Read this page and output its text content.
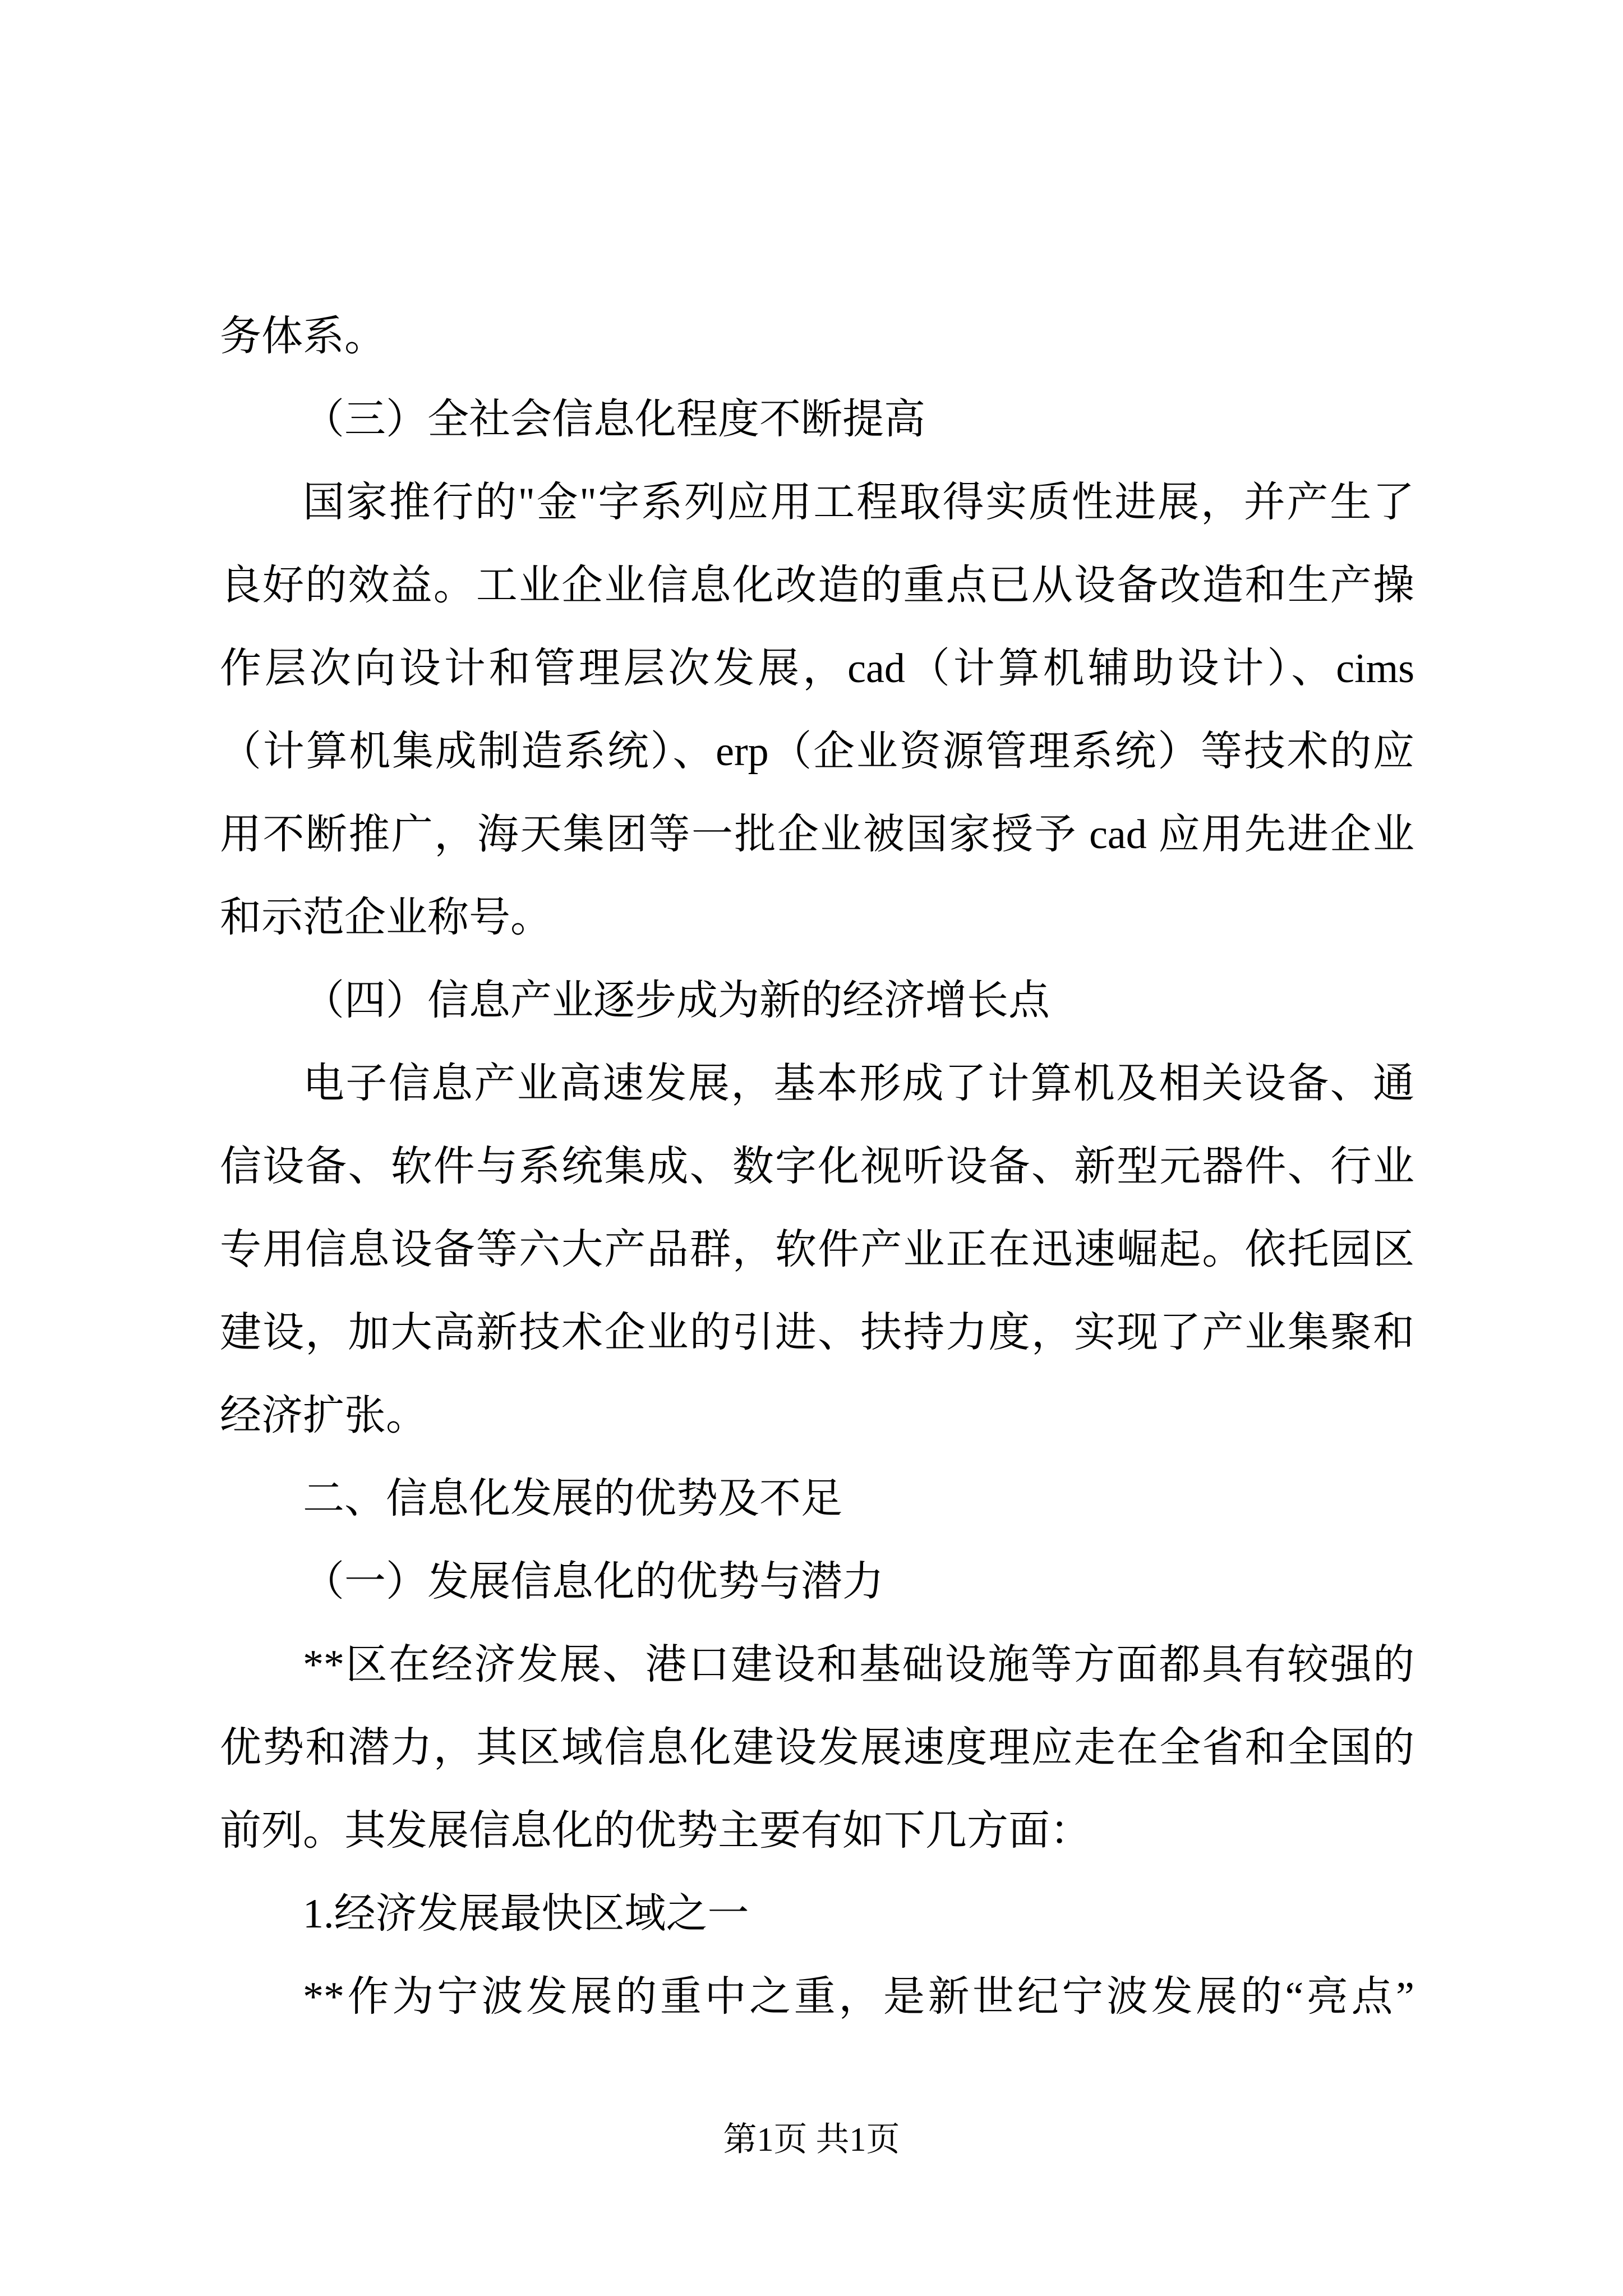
务体系。
（三）全社会信息化程度不断提高
国家推行的"金"字系列应用工程取得实质性进展，并产生了
良好的效益。工业企业信息化改造的重点已从设备改造和生产操
作层次向设计和管理层次发展，cad（计算机辅助设计）、cims
（计算机集成制造系统）、erp（企业资源管理系统）等技术的应
用不断推广，海天集团等一批企业被国家授予 cad 应用先进企业
和示范企业称号。
（四）信息产业逐步成为新的经济增长点
电子信息产业高速发展，基本形成了计算机及相关设备、通
信设备、软件与系统集成、数字化视听设备、新型元器件、行业
专用信息设备等六大产品群，软件产业正在迅速崛起。依托园区
建设，加大高新技术企业的引进、扶持力度，实现了产业集聚和
经济扩张。
二、信息化发展的优势及不足
（一）发展信息化的优势与潜力
**区在经济发展、港口建设和基础设施等方面都具有较强的
优势和潜力，其区域信息化建设发展速度理应走在全省和全国的
前列。其发展信息化的优势主要有如下几方面：
1.经济发展最快区域之一
**作为宁波发展的重中之重，是新世纪宁波发展的“亮点”
第1页 共1页
